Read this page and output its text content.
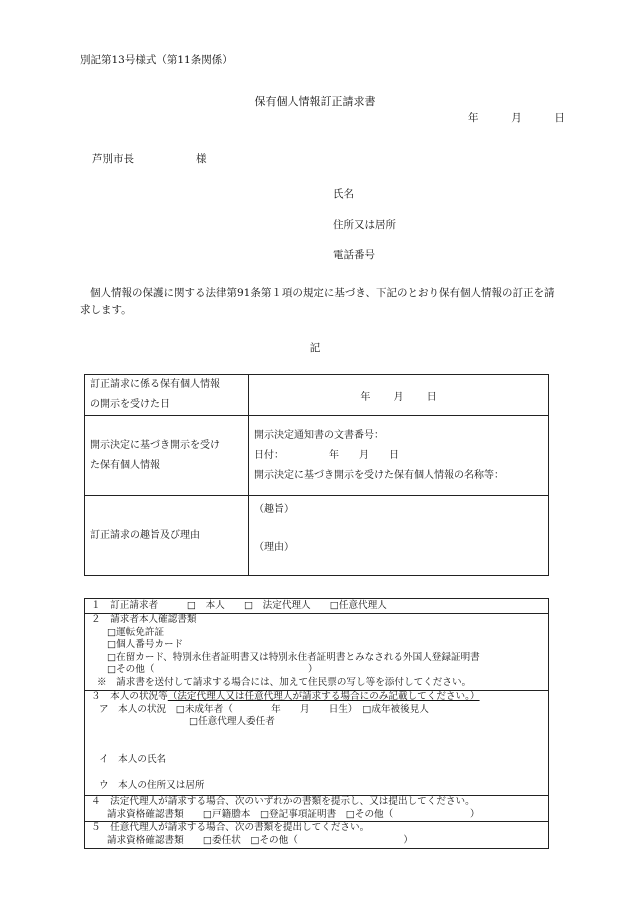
別記第13号様式（第11条関係）
保有個人情報訂正請求書
年	月	日
芦別市長	様
氏名
住所又は居所
電話番号
個人情報の保護に関する法律第91条第１項の規定に基づき、下記のとおり保有個人情報の訂正を請求します。
記
訂正請求に係る保有個人情報
の開示を受けた日	年 月 日

開示決定に基づき開示を受け
た保有個人情報	開示決定通知書の文書番号：
日付：　　　　　年　　月　　日
開示決定に基づき開示を受けた保有個人情報の名称等：

訂正請求の趣旨及び理由	（趣旨）
（理由）
１　訂正請求者　　　□　本人　　□　法定代理人　　□任意代理人
２　請求者本人確認書類
□運転免許証
□個人番号カード
□在留カード、特別永住者証明書又は特別永住者証明書とみなされる外国人登録証明書
□その他（　　　　　　　　　　　　　　　　）
※　請求書を送付して請求する場合には、加えて住民票の写し等を添付してください。
３　本人の状況等（法定代理人又は任意代理人が請求する場合にのみ記載してください。）
ア　本人の状況　□未成年者（　　　　年　　月　　日生）　□成年被後見人
□任意代理人委任者
イ　本人の氏名
ウ　本人の住所又は居所
４　法定代理人が請求する場合、次のいずれかの書類を提示し、又は提出してください。
請求資格確認書類　　□戸籍謄本　□登記事項証明書　□その他（　　　　　　　　）
５　任意代理人が請求する場合、次の書類を提出してください。
請求資格確認書類　　□委任状　□その他（　　　　　　　　　　　）
